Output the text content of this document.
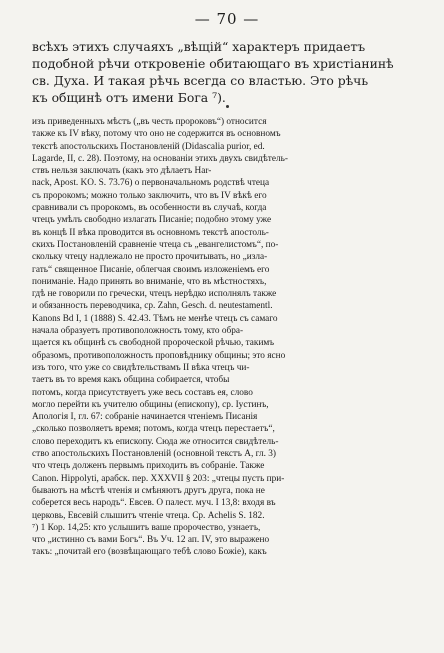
— 70 —
всѣхъ этихъ случаяхъ „вѣщій“ характеръ придаетъ
подобной рѣчи откровеніе обитающаго въ христіанинѣ
св. Духа. И такая рѣчь всегда со властью. Это рѣчь
къ общинѣ отъ имени Бога ⁷).
изъ приведенныхъ мѣстъ („въ честь пророковъ“) относится
также къ IV вѣку, потому что оно не содержится въ основномъ
текстѣ апостольскихъ Постановленій (Didascalia purior, ed.
Lagarde, II, c. 28). Поэтому, на основаніи этихъ двухъ свидѣтель-
ствъ нельзя заключать (какъ это дѣлаетъ Har-
nack, Apost. KO. S. 73.76) о первоначальномъ родствѣ чтеца
съ пророкомъ; можно только заключить, что въ IV вѣкѣ его
сравнивали съ пророкомъ, въ особенности въ случаѣ, когда
чтецъ умѣлъ свободно излагать Писаніе; подобно этому уже
въ концѣ II вѣка проводится въ основномъ текстѣ апостоль-
скихъ Постановленій сравненіе чтеца съ „евангелистомъ“, по-
скольку чтецу надлежало не просто прочитывать, но „изла-
гать“ священное Писаніе, облегчая своимъ изложеніемъ его
пониманіе. Надо принять во вниманіе, что въ мѣстностяхъ,
гдѣ не говорили по гречески, чтецъ нерѣдко исполнялъ также
и обязанность переводчика, ср. Zahn, Gesch. d. neutestamentl.
Kanons Bd I, 1 (1888) S. 42.43. Тѣмъ не менѣе чтецъ съ самаго
начала образуетъ противоположность тому, кто обра-
щается къ общинѣ съ свободной пророческой рѣчью, такимъ
образомъ, противоположность проповѣднику общины; это ясно
изъ того, что уже со свидѣтельствамъ II вѣка чтецъ чи-
таетъ въ то время какъ община собирается, чтобы
потомъ, когда присутствуетъ уже весь составъ ея, слово
могло перейти къ учителю общины (епископу), ср. Іустинъ,
Апологія I, гл. 67: собраніе начинается чтеніемъ Писанія
„сколько позволяетъ время; потомъ, когда чтецъ перестаетъ“,
слово переходитъ къ епископу. Сюда же относится свидѣтель-
ство апостольскихъ Постановленій (основной текстъ А, гл. 3)
что чтецъ долженъ первымъ приходить въ собраніе. Также
Canon. Hippolyti, арабск. пер. XXXVII § 203: „чтецы пусть при-
бываютъ на мѣстѣ чтенія и смѣняютъ другъ друга, пока не
соберется весь народъ“. Евсев. О палест. муч. I 13,8: входя въ
церковь, Евсевій слышитъ чтеніе чтеца. Ср. Achelis S. 182.
⁷) 1 Кор. 14,25: кто услышитъ ваше пророчество, узнаетъ,
что „истинно съ вами Богъ“. Въ Уч. 12 ап. IV, это выражено
такъ: „почитай его (возвѣщающаго тебѣ слово Божіе), какъ
